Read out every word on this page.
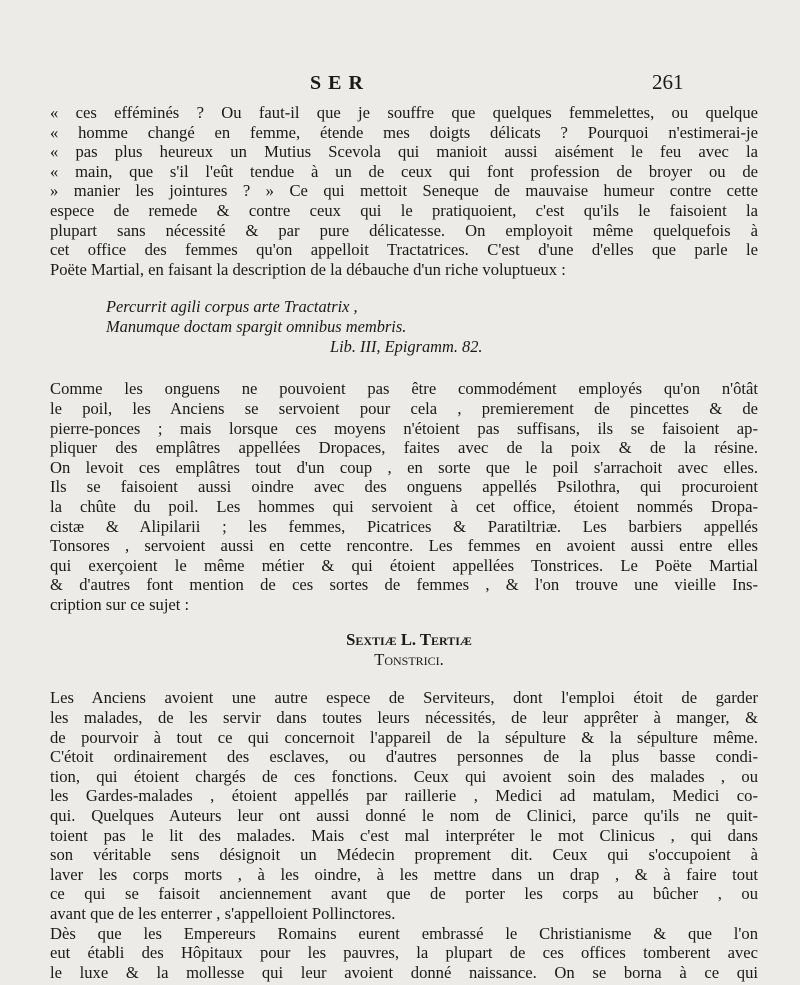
SER	261
« ces efféminés ? Ou faut-il que je souffre que quelques femmelettes, ou quelque
« homme changé en femme, étende mes doigts délicats ? Pourquoi n'estimerai-je
« pas plus heureux un Mutius Scevola qui manioit aussi aisément le feu avec la
« main, que s'il l'eût tendue à un de ceux qui font profession de broyer ou de
» manier les jointures ? » Ce qui mettoit Seneque de mauvaise humeur contre cette
espece de remede & contre ceux qui le pratiquoient, c'est qu'ils le faisoient la
plupart sans nécessité & par pure délicatesse. On employoit même quelquefois à
cet office des femmes qu'on appelloit Tractatrices. C'est d'une d'elles que parle le
Poëte Martial, en faisant la description de la débauche d'un riche voluptueux :
Percurrit agili corpus arte Tractatrix ,
Manumque doctam spargit omnibus membris.
Lib. III, Epigramm. 82.
Comme les onguens ne pouvoient pas être commodément employés qu'on n'ôtât
le poil, les Anciens se servoient pour cela , premierement de pincettes & de
pierre-ponces ; mais lorsque ces moyens n'étoient pas suffisans, ils se faisoient ap-
pliquer des emplâtres appellées Dropaces, faites avec de la poix & de la résine.
On levoit ces emplâtres tout d'un coup , en sorte que le poil s'arrachoit avec elles.
Ils se faisoient aussi oindre avec des onguens appellés Psilothra, qui procuroient
la chûte du poil. Les hommes qui servoient à cet office, étoient nommés Dropa-
cistæ & Alipilarii ; les femmes, Picatrices & Paratiltriæ. Les barbiers appellés
Tonsores , servoient aussi en cette rencontre. Les femmes en avoient aussi entre elles
qui exerçoient le même métier & qui étoient appellées Tonstrices. Le Poëte Martial
& d'autres font mention de ces sortes de femmes , & l'on trouve une vieille Ins-
cription sur ce sujet :
Sextiæ L. Tertiæ
Tonstrici.
Les Anciens avoient une autre espece de Serviteurs, dont l'emploi étoit de garder
les malades, de les servir dans toutes leurs nécessités, de leur apprêter à manger, &
de pourvoir à tout ce qui concernoit l'appareil de la sépulture & la sépulture même.
C'étoit ordinairement des esclaves, ou d'autres personnes de la plus basse condi-
tion, qui étoient chargés de ces fonctions. Ceux qui avoient soin des malades , ou
les Gardes-malades , étoient appellés par raillerie , Medici ad matulam, Medici co-
qui. Quelques Auteurs leur ont aussi donné le nom de Clinici, parce qu'ils ne quit-
toient pas le lit des malades. Mais c'est mal interpréter le mot Clinicus , qui dans
son véritable sens désignoit un Médecin proprement dit. Ceux qui s'occupoient à
laver les corps morts , à les oindre, à les mettre dans un drap , & à faire tout
ce qui se faisoit anciennement avant que de porter les corps au bûcher , ou
avant que de les enterrer , s'appelloient Pollinctores.
Dès que les Empereurs Romains eurent embrassé le Christianisme & que l'on
eut établi des Hôpitaux pour les pauvres, la plupart de ces offices tomberent avec
le luxe & la mollesse qui leur avoient donné naissance. On se borna à ce qui
